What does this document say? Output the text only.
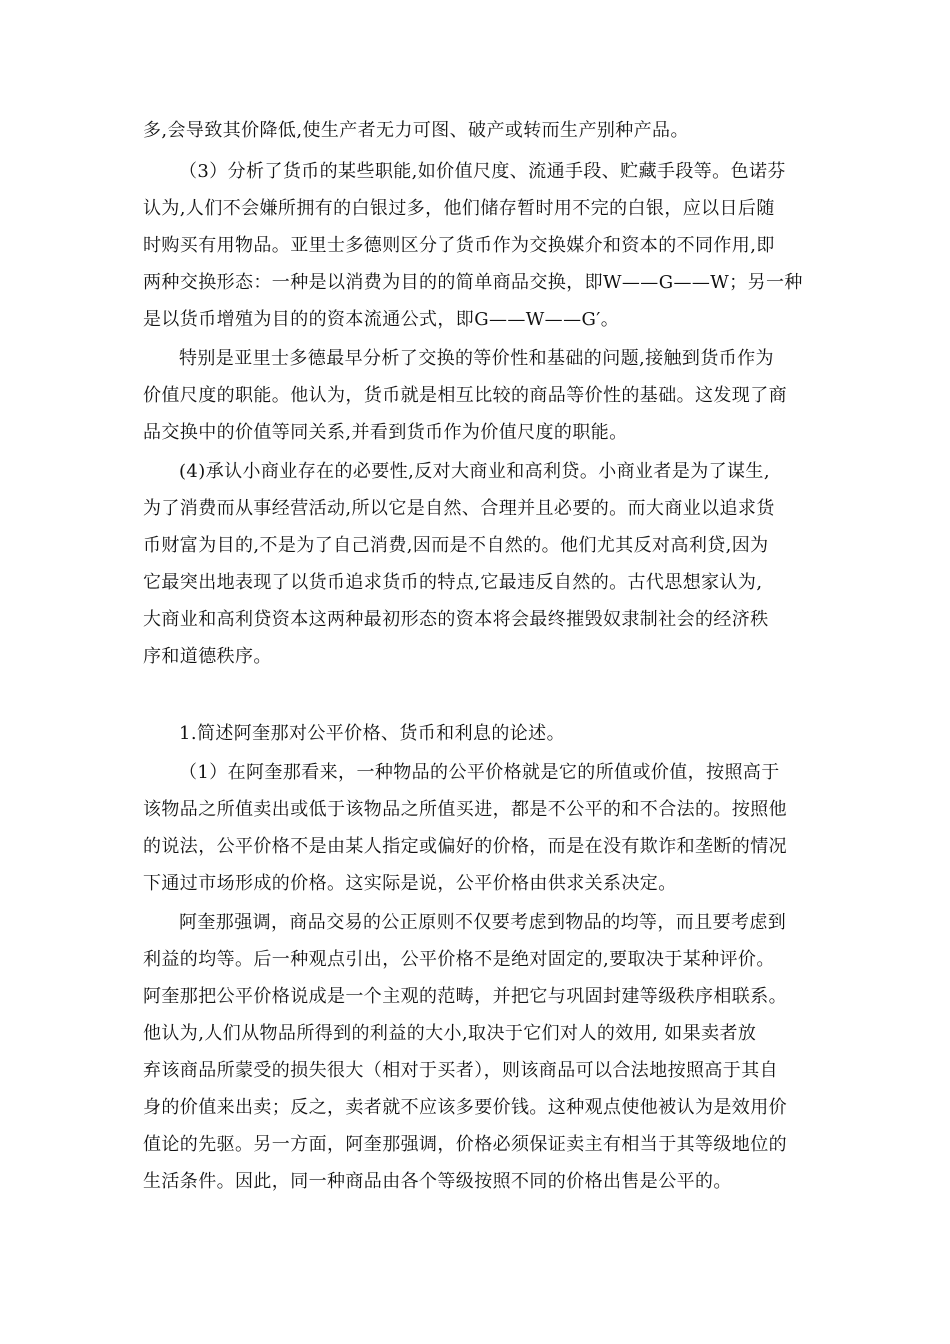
多,会导致其价降低,使生产者无力可图、破产或转而生产别种产品。
（3）分析了货币的某些职能,如价值尺度、流通手段、贮藏手段等。色诺芬
认为,人们不会嫌所拥有的白银过多，他们储存暂时用不完的白银，应以日后随
时购买有用物品。亚里士多德则区分了货币作为交换媒介和资本的不同作用,即
两种交换形态：一种是以消费为目的的简单商品交换，即W——G——W；另一种
是以货币增殖为目的的资本流通公式，即G——W——G′。
特别是亚里士多德最早分析了交换的等价性和基础的问题,接触到货币作为
价值尺度的职能。他认为，货币就是相互比较的商品等价性的基础。这发现了商
品交换中的价值等同关系,并看到货币作为价值尺度的职能。
(4)承认小商业存在的必要性,反对大商业和高利贷。小商业者是为了谋生,
为了消费而从事经营活动,所以它是自然、合理并且必要的。而大商业以追求货
币财富为目的,不是为了自己消费,因而是不自然的。他们尤其反对高利贷,因为
它最突出地表现了以货币追求货币的特点,它最违反自然的。古代思想家认为,
大商业和高利贷资本这两种最初形态的资本将会最终摧毁奴隶制社会的经济秩
序和道德秩序。
1.简述阿奎那对公平价格、货币和利息的论述。
（1）在阿奎那看来，一种物品的公平价格就是它的所值或价值，按照高于
该物品之所值卖出或低于该物品之所值买进，都是不公平的和不合法的。按照他
的说法，公平价格不是由某人指定或偏好的价格，而是在没有欺诈和垄断的情况
下通过市场形成的价格。这实际是说，公平价格由供求关系决定。
阿奎那强调，商品交易的公正原则不仅要考虑到物品的均等，而且要考虑到
利益的均等。后一种观点引出，公平价格不是绝对固定的,要取决于某种评价。
阿奎那把公平价格说成是一个主观的范畴，并把它与巩固封建等级秩序相联系。
他认为,人们从物品所得到的利益的大小,取决于它们对人的效用, 如果卖者放
弃该商品所蒙受的损失很大（相对于买者），则该商品可以合法地按照高于其自
身的价值来出卖；反之，卖者就不应该多要价钱。这种观点使他被认为是效用价
值论的先驱。另一方面，阿奎那强调，价格必须保证卖主有相当于其等级地位的
生活条件。因此，同一种商品由各个等级按照不同的价格出售是公平的。
